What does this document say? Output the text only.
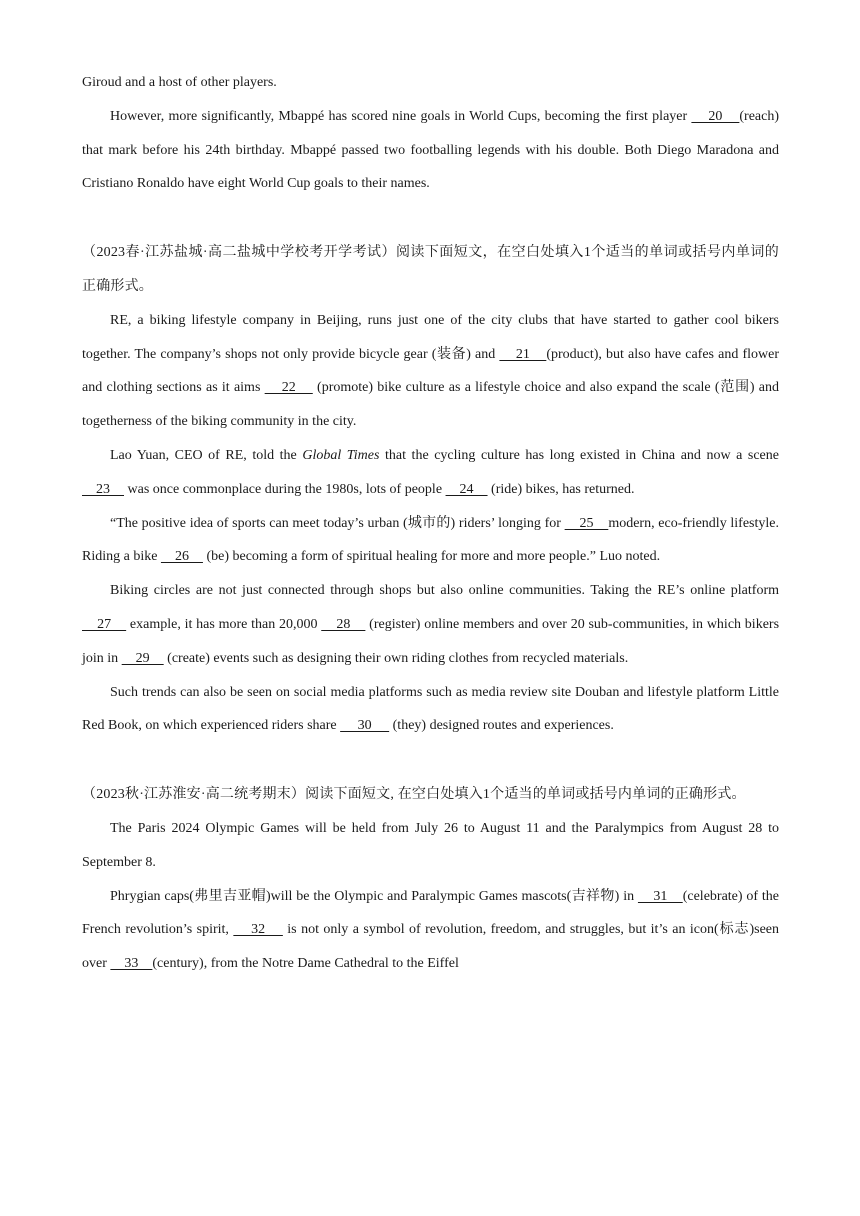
Giroud and a host of other players.

However, more significantly, Mbappé has scored nine goals in World Cups, becoming the first player     20    (reach) that mark before his 24th birthday. Mbappé passed two footballing legends with his double. Both Diego Maradona and Cristiano Ronaldo have eight World Cup goals to their names.

（2023春·江苏盐城·高二盐城中学校考开学考试）阅读下面短文，在空白处填入1个适当的单词或括号内单词的正确形式。

RE, a biking lifestyle company in Beijing, runs just one of the city clubs that have started to gather cool bikers together. The company’s shops not only provide bicycle gear (装备) and     21    (product), but also have cafes and flower and clothing sections as it aims     22     (promote) bike culture as a lifestyle choice and also expand the scale (范围) and togetherness of the biking community in the city.

Lao Yuan, CEO of RE, told the Global Times that the cycling culture has long existed in China and now a scene     23     was once commonplace during the 1980s, lots of people     24     (ride) bikes, has returned.

“The positive idea of sports can meet today’s urban (城市的) riders’ longing for     25    modern, eco-friendly lifestyle. Riding a bike     26     (be) becoming a form of spiritual healing for more and more people.” Luo noted.

Biking circles are not just connected through shops but also online communities. Taking the RE’s online platform     27     example, it has more than 20,000     28     (register) online members and over 20 sub-communities, in which bikers join in     29     (create) events such as designing their own riding clothes from recycled materials.

Such trends can also be seen on social media platforms such as media review site Douban and lifestyle platform Little Red Book, on which experienced riders share      30      (they) designed routes and experiences.

（2023秋·江苏淮安·高二统考期末）阅读下面短文, 在空白处填入1个适当的单词或括号内单词的正确形式。

The Paris 2024 Olympic Games will be held from July 26 to August 11 and the Paralympics from August 28 to September 8.

Phrygian caps(弗里吉亚帽)will be the Olympic and Paralympic Games mascots(吉祥物) in     31    (celebrate) of the French revolution’s spirit,     32     is not only a symbol of revolution, freedom, and struggles, but it’s an icon(标志)seen over     33    (century), from the Notre Dame Cathedral to the Eiffel
